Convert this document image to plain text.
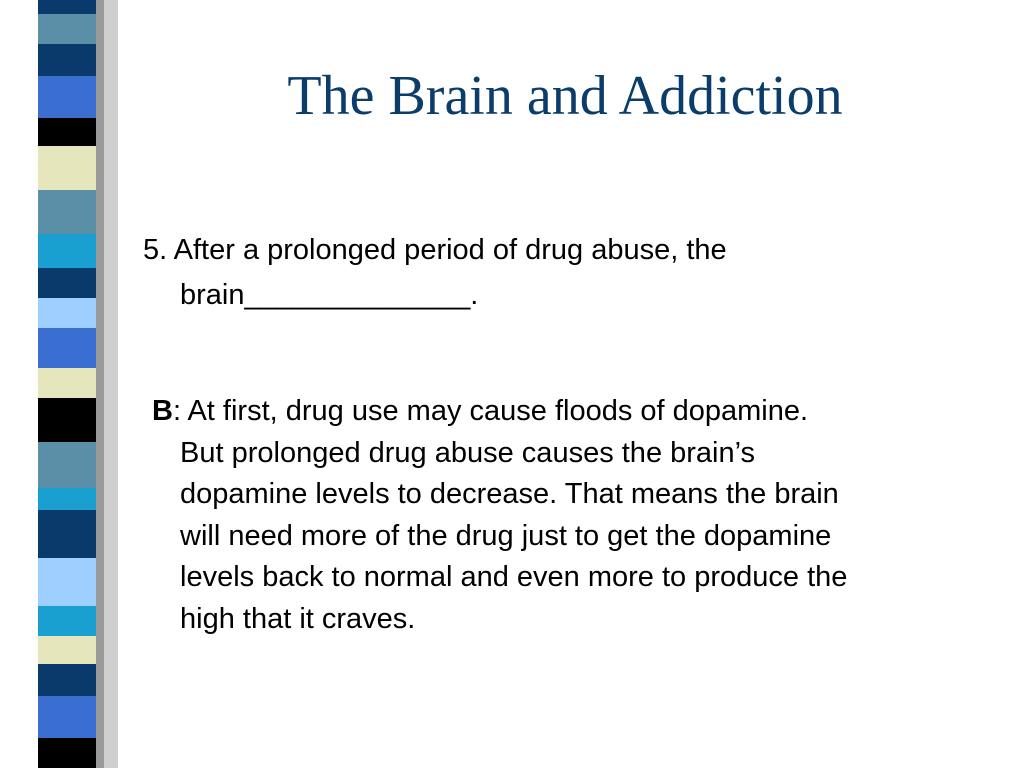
The Brain and Addiction
5. After a prolonged period of drug abuse, the
brain______________.
B: At first, drug use may cause floods of dopamine.
But prolonged drug abuse causes the brain’s
dopamine levels to decrease. That means the brain
will need more of the drug just to get the dopamine
levels back to normal and even more to produce the
high that it craves.
